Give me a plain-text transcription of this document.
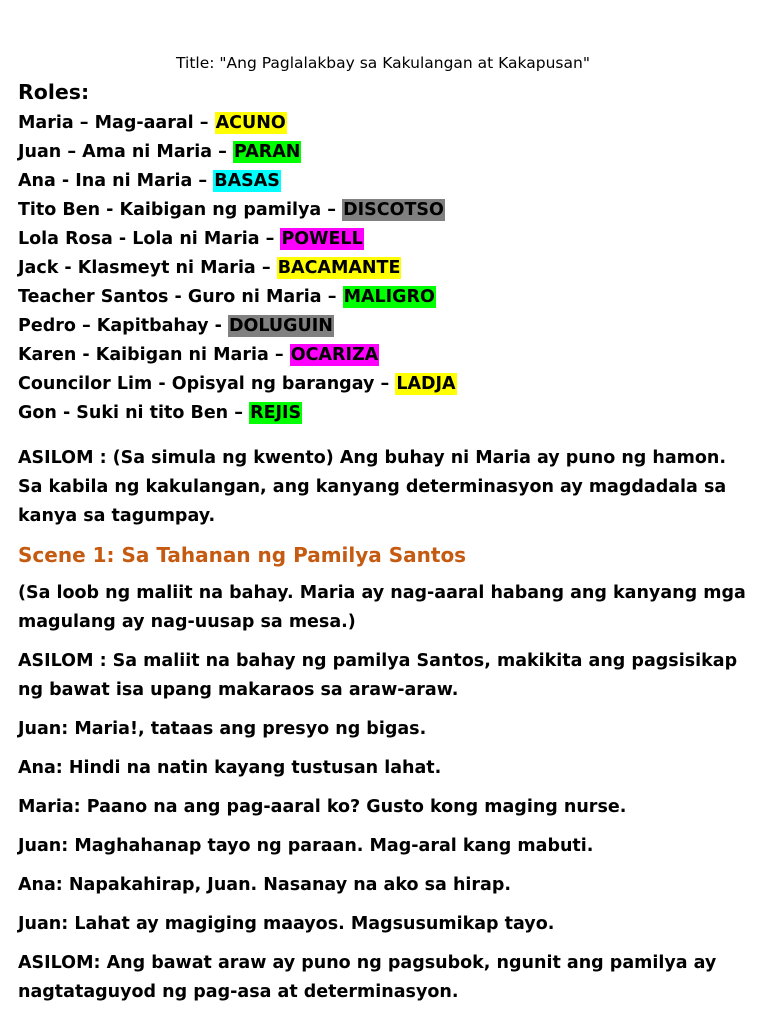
Title: "Ang Paglalakbay sa Kakulangan at Kakapusan"
Roles:
Maria – Mag-aaral – ACUNO
Juan – Ama ni Maria – PARAN
Ana - Ina ni Maria – BASAS
Tito Ben - Kaibigan ng pamilya – DISCOTSO
Lola Rosa - Lola ni Maria – POWELL
Jack - Klasmeyt ni Maria – BACAMANTE
Teacher Santos - Guro ni Maria – MALIGRO
Pedro – Kapitbahay - DOLUGUIN
Karen - Kaibigan ni Maria – OCARIZA
Councilor Lim - Opisyal ng barangay – LADJA
Gon - Suki ni tito Ben – REJIS

ASILOM : (Sa simula ng kwento) Ang buhay ni Maria ay puno ng hamon. Sa kabila ng kakulangan, ang kanyang determinasyon ay magdadala sa kanya sa tagumpay.

Scene 1: Sa Tahanan ng Pamilya Santos

(Sa loob ng maliit na bahay. Maria ay nag-aaral habang ang kanyang mga magulang ay nag-uusap sa mesa.)

ASILOM : Sa maliit na bahay ng pamilya Santos, makikita ang pagsisikap ng bawat isa upang makaraos sa araw-araw.

Juan: Maria!, tataas ang presyo ng bigas.

Ana: Hindi na natin kayang tustusan lahat.

Maria: Paano na ang pag-aaral ko? Gusto kong maging nurse.

Juan: Maghahanap tayo ng paraan. Mag-aral kang mabuti.

Ana: Napakahirap, Juan. Nasanay na ako sa hirap.

Juan: Lahat ay magiging maayos. Magsusumikap tayo.

ASILOM: Ang bawat araw ay puno ng pagsubok, ngunit ang pamilya ay nagtataguyod ng pag-asa at determinasyon.
